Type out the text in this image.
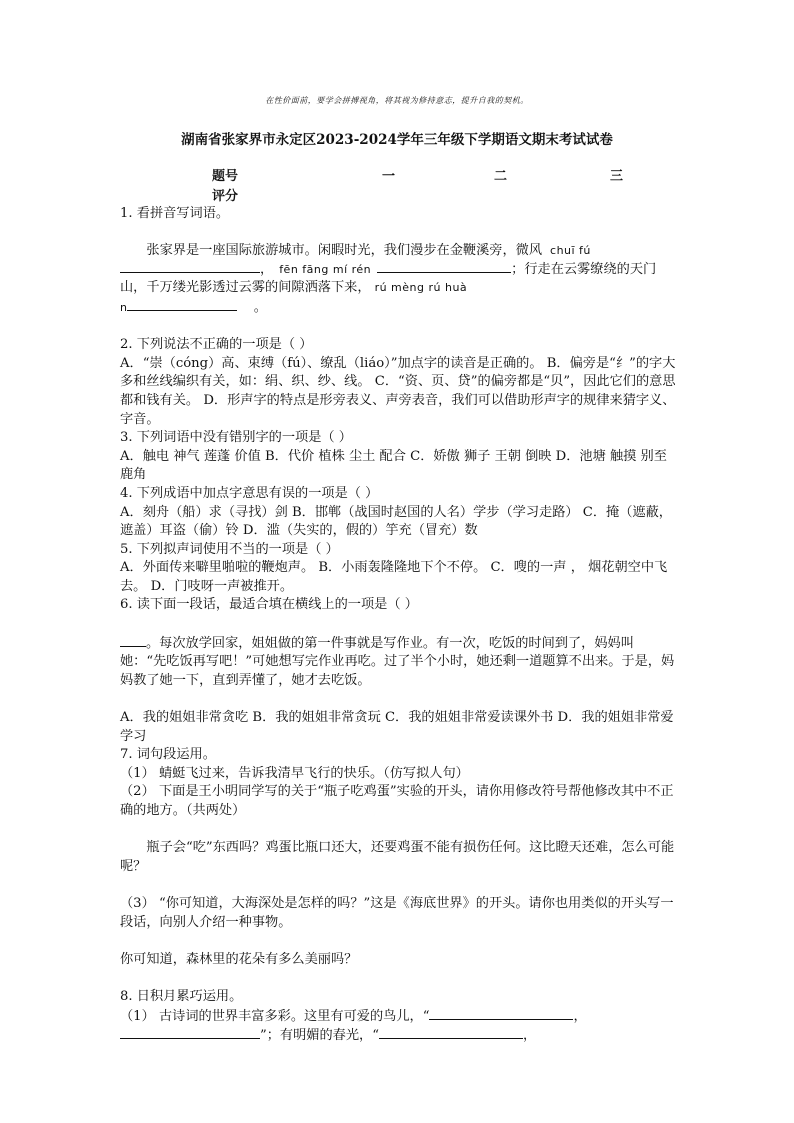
在性价面前，要学会拼搏视角，将其视为修持意志，提升自我的契机。
湖南省张家界市永定区2023-2024学年三年级下学期语文期末考试试卷
题号	一	二	三
评分

1. 看拼音写词语。

张家界是一座国际旅游城市。闲暇时光，我们漫步在金鞭溪旁，微风 chuī fú

， fēn fāng mí rén	；行走在云雾缭绕的天门山，千万缕光影透过云雾的间隙洒落下来， rú mèng rú huà

n	。

2. 下列说法不正确的一项是（ ）

A．“崇（cóng）高、束缚（fú）、缭乱（liáo）”加点字的读音是正确的。 B．偏旁是“纟”的字大多和丝线编织有关，如：绢、织、纱、线。 C．“资、页、贷”的偏旁都是“贝”，因此它们的意思都和钱有关。 D．形声字的特点是形旁表义、声旁表音，我们可以借助形声字的规律来猜字义、字音。

3. 下列词语中没有错别字的一项是（ ）

A．触电 神气 莲蓬 价值 B．代价 植株 尘土 配合 C．娇傲 狮子 王朝 倒映 D．池塘 触摸 别至 鹿角

4. 下列成语中加点字意思有误的一项是（ ）

A．刻舟（船）求（寻找）剑 B．邯郸（战国时赵国的人名）学步（学习走路） C．掩（遮蔽，遮盖）耳盗（偷）铃 D．滥（失实的，假的）竽充（冒充）数

5. 下列拟声词使用不当的一项是（ ）

A．外面传来噼里啪啦的鞭炮声。 B．小雨轰隆隆地下个不停。 C．嗖的一声 ， 烟花朝空中飞去。 D．门吱呀一声被推开。

6. 读下面一段话，最适合填在横线上的一项是（ ）

。每次放学回家，姐姐做的第一件事就是写作业。有一次，吃饭的时间到了，妈妈叫她：“先吃饭再写吧！”可她想写完作业再吃。过了半个小时，她还剩一道题算不出来。于是，妈妈教了她一下，直到弄懂了，她才去吃饭。

A．我的姐姐非常贪吃 B．我的姐姐非常贪玩 C．我的姐姐非常爱读课外书 D．我的姐姐非常爱学习

7. 词句段运用。

（1） 蜻蜓飞过来，告诉我清早飞行的快乐。（仿写拟人句）

（2） 下面是王小明同学写的关于“瓶子吃鸡蛋”实验的开头，请你用修改符号帮他修改其中不正确的地方。（共两处）

瓶子会“吃”东西吗？鸡蛋比瓶口还大，还要鸡蛋不能有损伤任何。这比瞪天还难，怎么可能呢？

（3） “你可知道，大海深处是怎样的吗？”这是《海底世界》的开头。请你也用类似的开头写一段话，向别人介绍一种事物。

你可知道，森林里的花朵有多么美丽吗？

8. 日积月累巧运用。

（1） 古诗词的世界丰富多彩。这里有可爱的鸟儿，“	，

”；有明媚的春光，“	，
